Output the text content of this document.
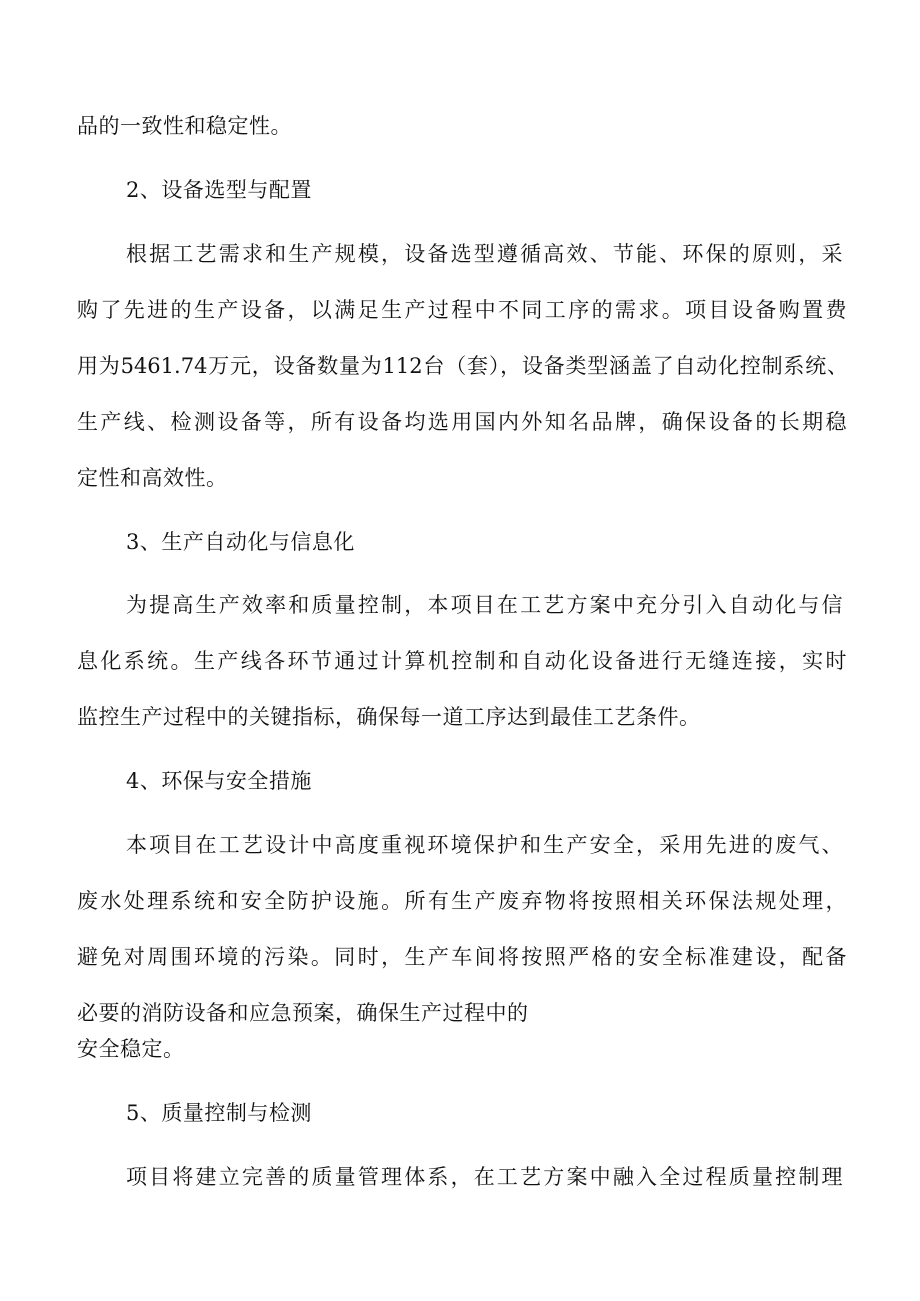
品的一致性和稳定性。
2、设备选型与配置
根据工艺需求和生产规模，设备选型遵循高效、节能、环保的原则，采
购了先进的生产设备，以满足生产过程中不同工序的需求。项目设备购置费
用为5461.74万元，设备数量为112台（套），设备类型涵盖了自动化控制系统、
生产线、检测设备等，所有设备均选用国内外知名品牌，确保设备的长期稳
定性和高效性。
3、生产自动化与信息化
为提高生产效率和质量控制，本项目在工艺方案中充分引入自动化与信
息化系统。生产线各环节通过计算机控制和自动化设备进行无缝连接，实时
监控生产过程中的关键指标，确保每一道工序达到最佳工艺条件。
4、环保与安全措施
本项目在工艺设计中高度重视环境保护和生产安全，采用先进的废气、
废水处理系统和安全防护设施。所有生产废弃物将按照相关环保法规处理，
避免对周围环境的污染。同时，生产车间将按照严格的安全标准建设，配备
必要的消防设备和应急预案，确保生产过程中的
安全稳定。
5、质量控制与检测
项目将建立完善的质量管理体系，在工艺方案中融入全过程质量控制理
